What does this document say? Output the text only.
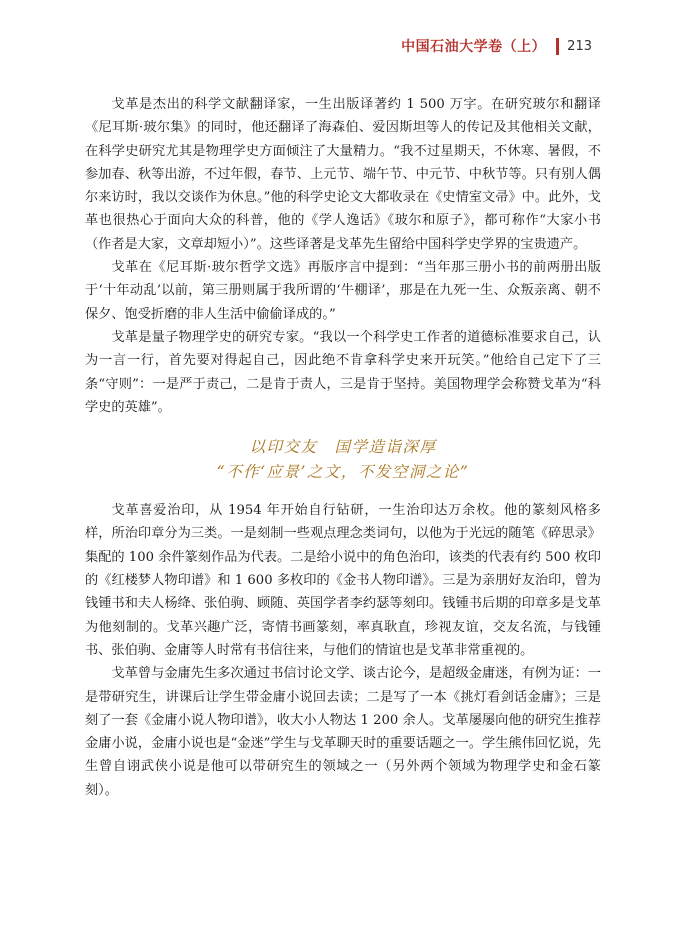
中国石油大学卷（上） 213

戈革是杰出的科学文献翻译家，一生出版译著约 1 500 万字。在研究玻尔和翻译《尼耳斯·玻尔集》的同时，他还翻译了海森伯、爱因斯坦等人的传记及其他相关文献，在科学史研究尤其是物理学史方面倾注了大量精力。“我不过星期天，不休寒、暑假，不参加春、秋等出游，不过年假，春节、上元节、端午节、中元节、中秋节等。只有别人偶尔来访时，我以交谈作为休息。”他的科学史论文大都收录在《史情室文帚》中。此外，戈革也很热心于面向大众的科普，他的《学人逸话》《玻尔和原子》，都可称作“大家小书（作者是大家，文章却短小）”。这些译著是戈革先生留给中国科学史学界的宝贵遗产。

戈革在《尼耳斯·玻尔哲学文选》再版序言中提到：“当年那三册小书的前两册出版于‘十年动乱’以前，第三册则属于我所谓的‘牛棚译’，那是在九死一生、众叛亲离、朝不保夕、饱受折磨的非人生活中偷偷译成的。”

戈革是量子物理学史的研究专家。“我以一个科学史工作者的道德标准要求自己，认为一言一行，首先要对得起自己，因此绝不肯拿科学史来开玩笑。”他给自己定下了三条“守则”：一是严于责己，二是肯于责人，三是肯于坚持。美国物理学会称赞戈革为“科学史的英雄”。

以印交友　国学造诣深厚
“不作‘应景’之文，不发空洞之论”

戈革喜爱治印，从 1954 年开始自行钻研，一生治印达万余枚。他的篆刻风格多样，所治印章分为三类。一是刻制一些观点理念类词句，以他为于光远的随笔《碎思录》集配的 100 余件篆刻作品为代表。二是给小说中的角色治印，该类的代表有约 500 枚印的《红楼梦人物印谱》和 1 600 多枚印的《金书人物印谱》。三是为亲朋好友治印，曾为钱锺书和夫人杨绛、张伯驹、顾随、英国学者李约瑟等刻印。钱锺书后期的印章多是戈革为他刻制的。戈革兴趣广泛，寄情书画篆刻，率真耿直，珍视友谊，交友名流，与钱锺书、张伯驹、金庸等人时常有书信往来，与他们的情谊也是戈革非常重视的。

戈革曾与金庸先生多次通过书信讨论文学、谈古论今，是超级金庸迷，有例为证：一是带研究生，讲课后让学生带金庸小说回去读；二是写了一本《挑灯看剑话金庸》；三是刻了一套《金庸小说人物印谱》，收大小人物达 1 200 余人。戈革屡屡向他的研究生推荐金庸小说，金庸小说也是“金迷”学生与戈革聊天时的重要话题之一。学生熊伟回忆说，先生曾自诩武侠小说是他可以带研究生的领域之一（另外两个领域为物理学史和金石篆刻）。
